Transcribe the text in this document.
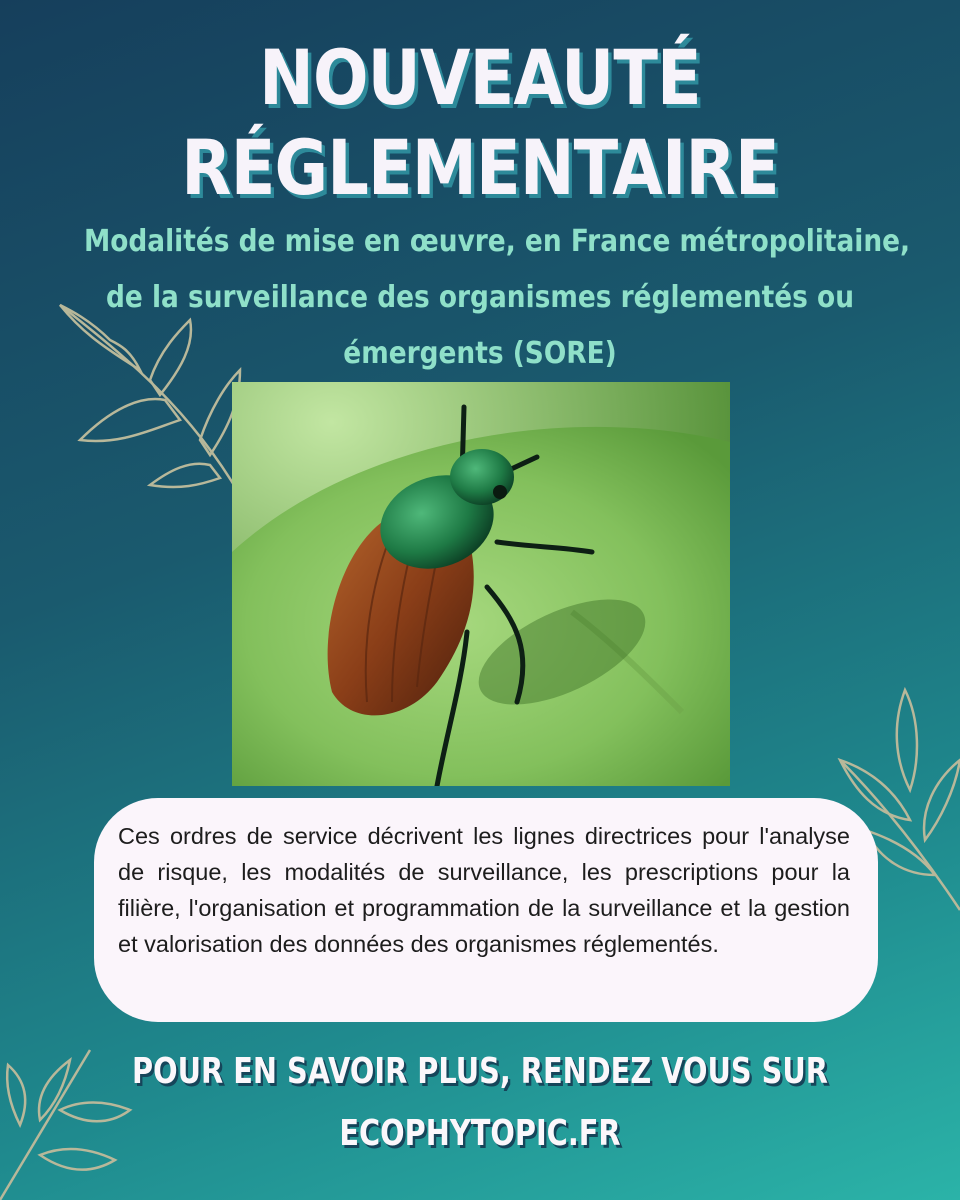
NOUVEAUTÉ
RÉGLEMENTAIRE
Modalités de mise en œuvre, en France métropolitaine,
de la surveillance des organismes réglementés ou
émergents (SORE)

Ces ordres de service décrivent les lignes directrices pour l'analyse de risque, les modalités de surveillance, les prescriptions pour la filière, l'organisation et programmation de la surveillance et la gestion et valorisation des données des organismes réglementés.

POUR EN SAVOIR PLUS, RENDEZ VOUS SUR
ECOPHYTOPIC.FR
